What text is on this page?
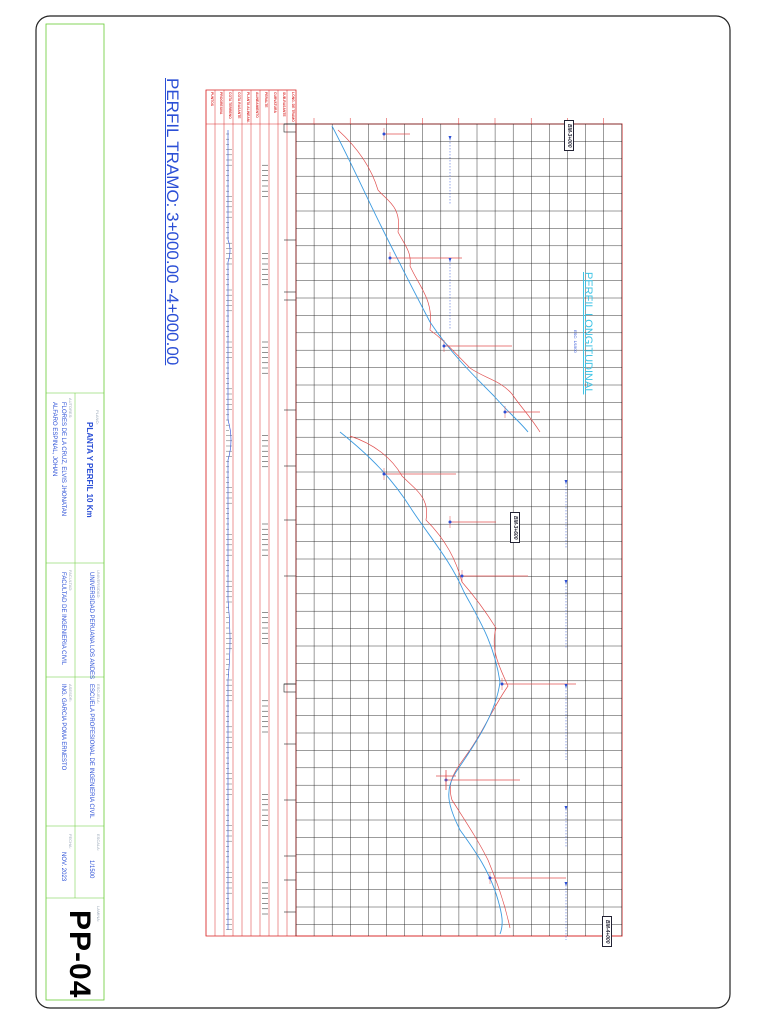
PERFIL TRAMO: 3+000.00 -4+000.00	PERFIL LONGITUDINAL
ESC: 1/1500
PUNTOS PROGRESIVA COTA TERRENO COTA RASANTE PLANTA ALINEAM. ALINEAMIENTO PERALTE CURVATURA SUB-RASANTE LONG. DE TRAMO
BM-3+000
BM-3+600
BM-4+000
PLANO:
PLANTA Y PERFIL 10 Km
AUTORES:
FLORES DE LA CRUZ, ELVIS JHONATAN
ALFARO ESPINAL, JOHAN
UNIVERSIDAD:
UNIVERSIDAD PERUANA LOS ANDES
FACULTAD:
FACULTAD DE INGENIERIA CIVIL
ESCUELA:
ESCUELA PROFESIONAL DE INGENIERIA CIVIL
ASESOR:
ING. GARCIA POMA ERNESTO
ESCALA:
1/1500
FECHA:
NOV. 2023
LAMINA:
PP-04
